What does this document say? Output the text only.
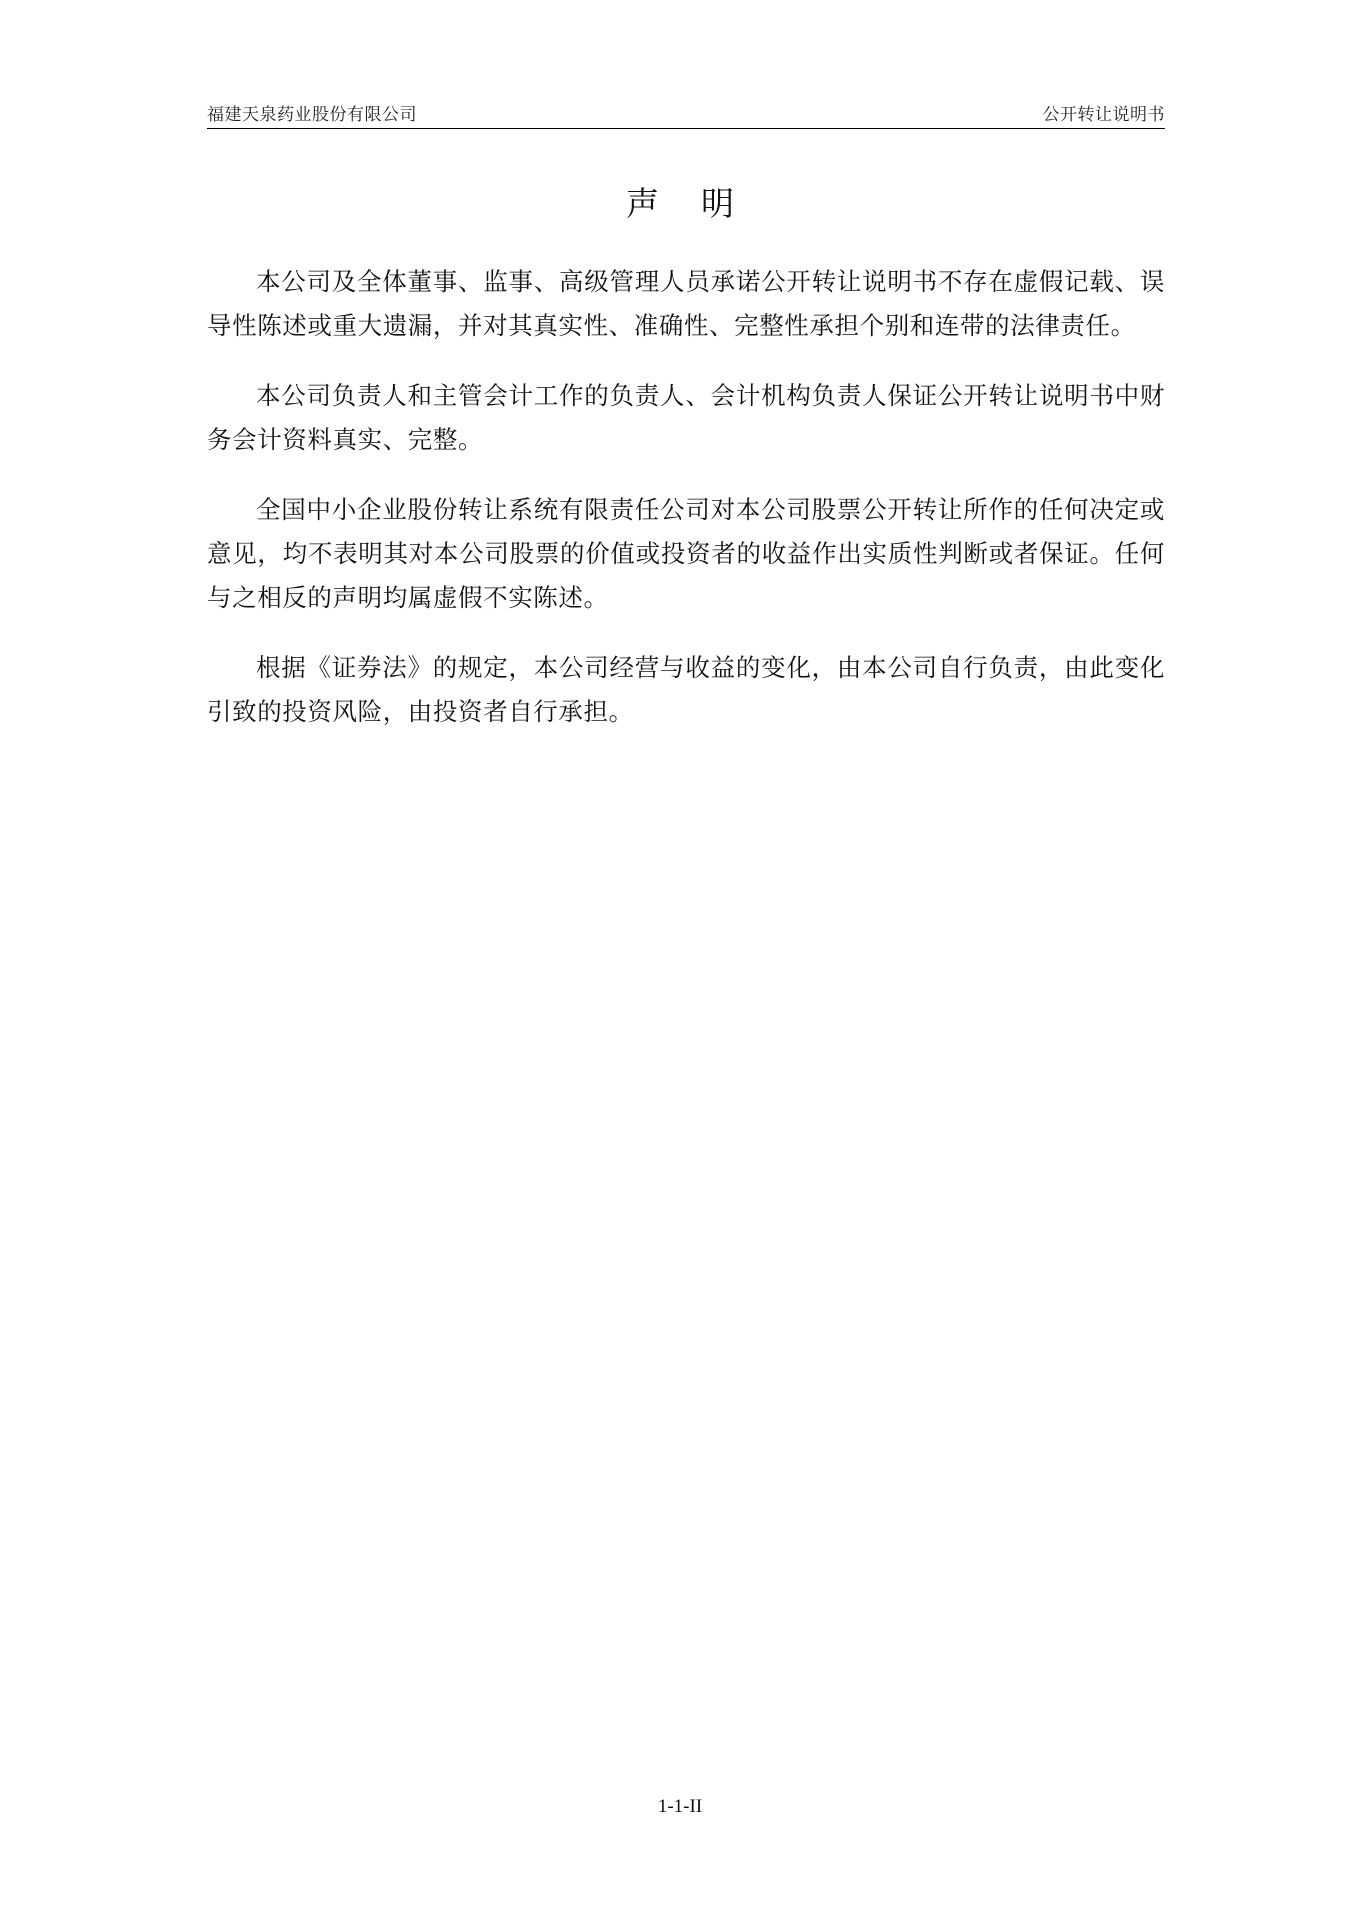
福建天泉药业股份有限公司	公开转让说明书
声 明

本公司及全体董事、监事、高级管理人员承诺公开转让说明书不存在虚假记载、误导性陈述或重大遗漏，并对其真实性、准确性、完整性承担个别和连带的法律责任。

本公司负责人和主管会计工作的负责人、会计机构负责人保证公开转让说明书中财务会计资料真实、完整。

全国中小企业股份转让系统有限责任公司对本公司股票公开转让所作的任何决定或意见，均不表明其对本公司股票的价值或投资者的收益作出实质性判断或者保证。任何与之相反的声明均属虚假不实陈述。

根据《证券法》的规定，本公司经营与收益的变化，由本公司自行负责，由此变化引致的投资风险，由投资者自行承担。

1-1-II
